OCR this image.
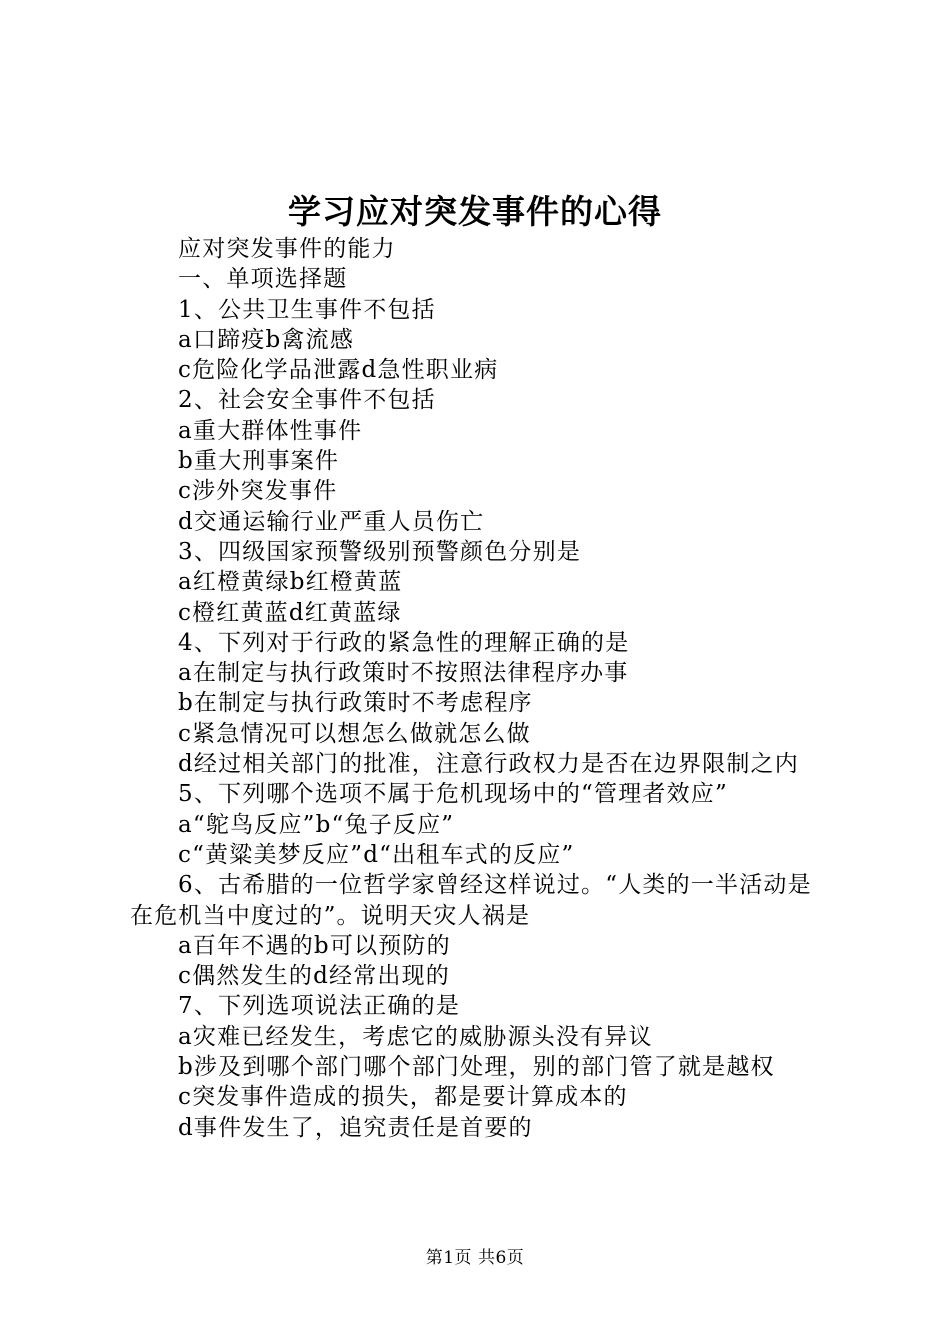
学习应对突发事件的心得
应对突发事件的能力
一、单项选择题
1、公共卫生事件不包括
a口蹄疫b禽流感
c危险化学品泄露d急性职业病
2、社会安全事件不包括
a重大群体性事件
b重大刑事案件
c涉外突发事件
d交通运输行业严重人员伤亡
3、四级国家预警级别预警颜色分别是
a红橙黄绿b红橙黄蓝
c橙红黄蓝d红黄蓝绿
4、下列对于行政的紧急性的理解正确的是
a在制定与执行政策时不按照法律程序办事
b在制定与执行政策时不考虑程序
c紧急情况可以想怎么做就怎么做
d经过相关部门的批准，注意行政权力是否在边界限制之内
5、下列哪个选项不属于危机现场中的“管理者效应”
a“鸵鸟反应”b“兔子反应”
c“黄粱美梦反应”d“出租车式的反应”
6、古希腊的一位哲学家曾经这样说过。“人类的一半活动是在危机当中度过的”。说明天灾人祸是
a百年不遇的b可以预防的
c偶然发生的d经常出现的
7、下列选项说法正确的是
a灾难已经发生，考虑它的威胁源头没有异议
b涉及到哪个部门哪个部门处理，别的部门管了就是越权
c突发事件造成的损失，都是要计算成本的
d事件发生了，追究责任是首要的
第1页 共6页
